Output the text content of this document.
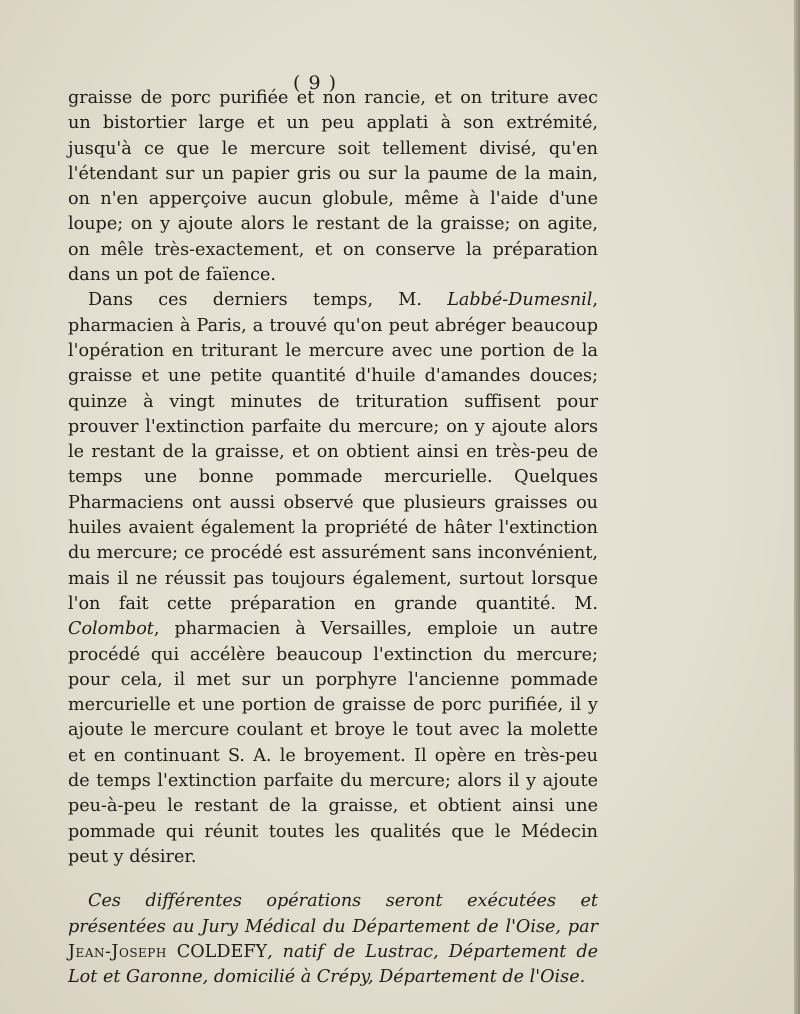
( 9 )

graisse de porc purifiée et non rancie, et on triture avec un bistortier large et un peu applati à son extrémité, jusqu'à ce que le mercure soit tellement divisé, qu'en l'étendant sur un papier gris ou sur la paume de la main, on n'en apperçoive aucun globule, même à l'aide d'une loupe; on y ajoute alors le restant de la graisse; on agite, on mêle très-exactement, et on conserve la préparation dans un pot de faïence.

Dans ces derniers temps, M. Labbé-Dumesnil, pharmacien à Paris, a trouvé qu'on peut abréger beaucoup l'opération en triturant le mercure avec une portion de la graisse et une petite quantité d'huile d'amandes douces; quinze à vingt minutes de trituration suffisent pour prouver l'extinction parfaite du mercure; on y ajoute alors le restant de la graisse, et on obtient ainsi en très-peu de temps une bonne pommade mercurielle. Quelques Pharmaciens ont aussi observé que plusieurs graisses ou huiles avaient également la propriété de hâter l'extinction du mercure; ce procédé est assurément sans inconvénient, mais il ne réussit pas toujours également, surtout lorsque l'on fait cette préparation en grande quantité. M. Colombot, pharmacien à Versailles, emploie un autre procédé qui accélère beaucoup l'extinction du mercure; pour cela, il met sur un porphyre l'ancienne pommade mercurielle et une portion de graisse de porc purifiée, il y ajoute le mercure coulant et broye le tout avec la molette et en continuant S. A. le broyement. Il opère en très-peu de temps l'extinction parfaite du mercure; alors il y ajoute peu-à-peu le restant de la graisse, et obtient ainsi une pommade qui réunit toutes les qualités que le Médecin peut y désirer.

Ces différentes opérations seront exécutées et présentées au Jury Médical du Département de l'Oise, par Jean-Joseph COLDEFY, natif de Lustrac, Département de Lot et Garonne, domicilié à Crépy, Département de l'Oise.
